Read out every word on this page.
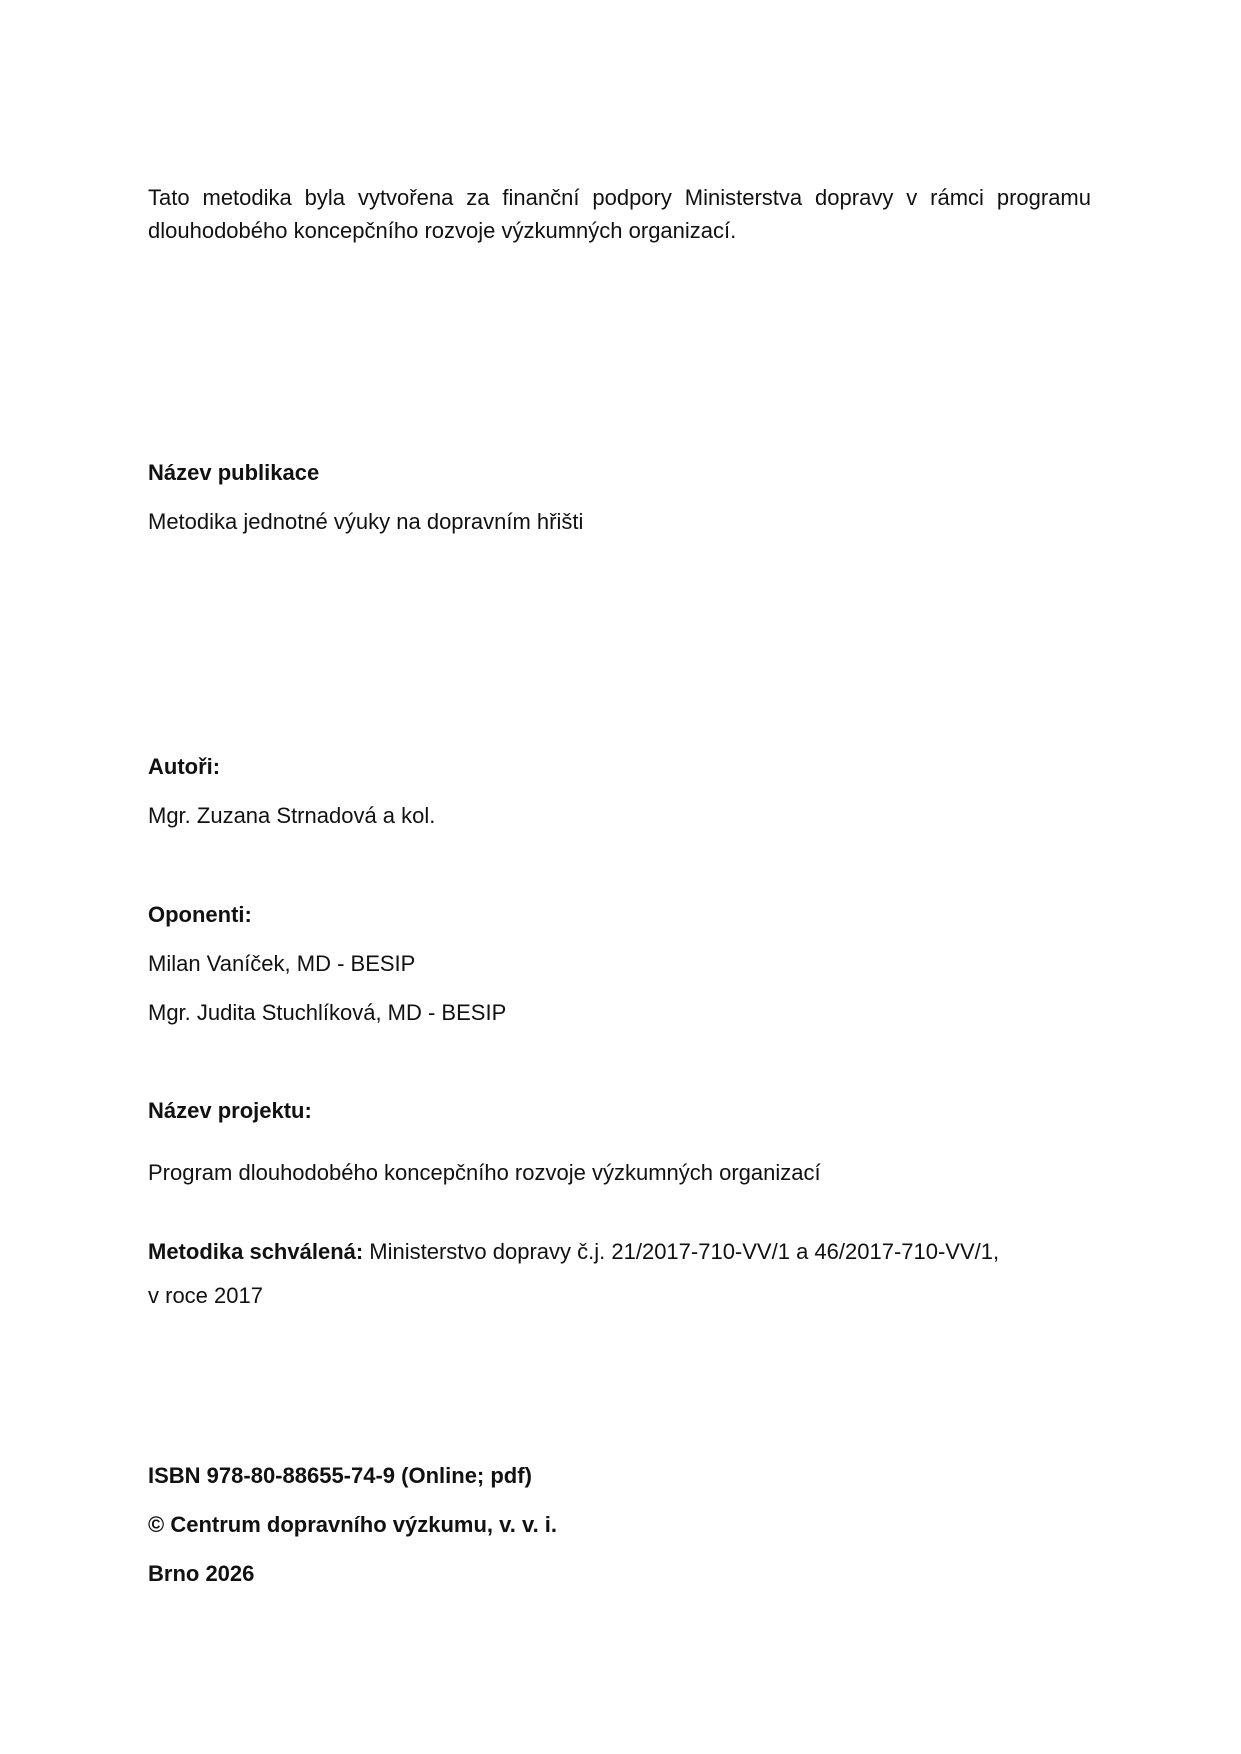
Tato metodika byla vytvořena za finanční podpory Ministerstva dopravy v rámci programu dlouhodobého koncepčního rozvoje výzkumných organizací.
Název publikace
Metodika jednotné výuky na dopravním hřišti
Autoři:
Mgr. Zuzana Strnadová a kol.
Oponenti:
Milan Vaníček, MD - BESIP
Mgr. Judita Stuchlíková, MD - BESIP
Název projektu:
Program dlouhodobého koncepčního rozvoje výzkumných organizací
Metodika schválená: Ministerstvo dopravy č.j. 21/2017-710-VV/1 a 46/2017-710-VV/1,
v roce 2017
ISBN 978-80-88655-74-9 (Online; pdf)
© Centrum dopravního výzkumu, v. v. i.
Brno 2026
